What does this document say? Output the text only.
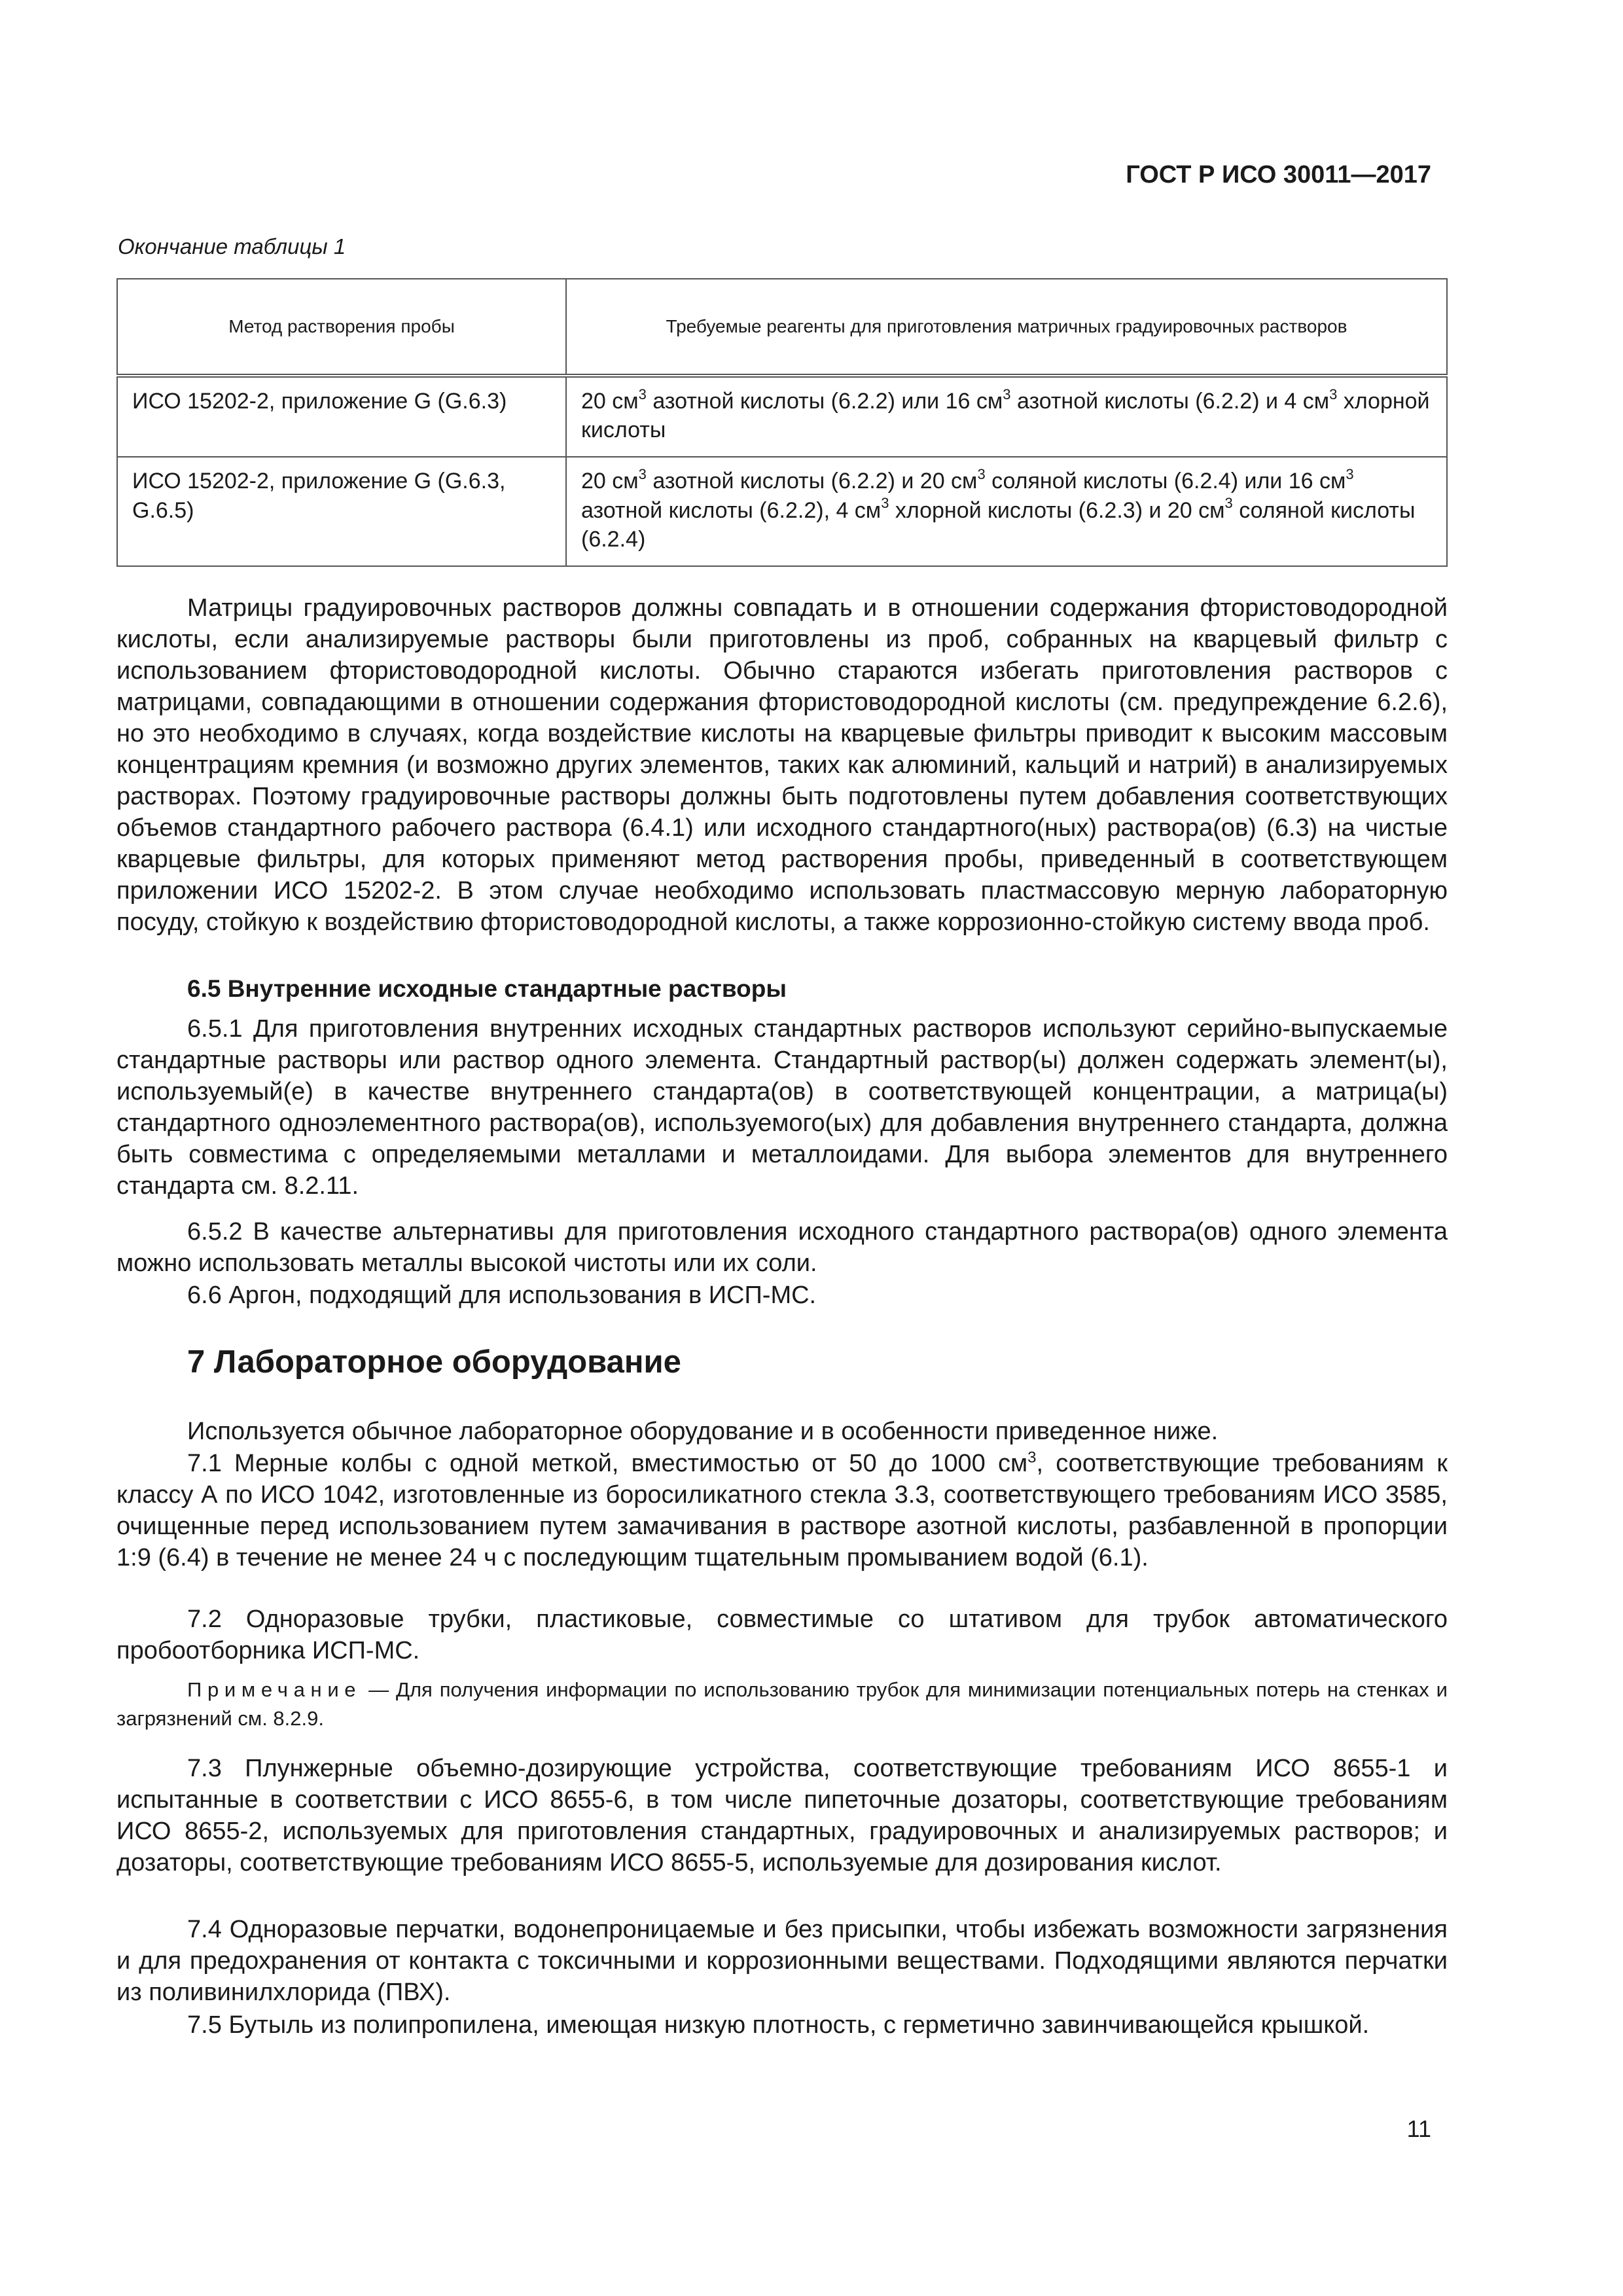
ГОСТ Р ИСО 30011—2017
Окончание таблицы 1
Метод растворения пробы	Требуемые реагенты для приготовления матричных градуировочных растворов
ИСО 15202-2, приложение G (G.6.3)	20 $см^3$ азотной кислоты (6.2.2) или 16 $см^3$ азотной кислоты (6.2.2) и 4 $см^3$ хлорной кислоты
ИСО 15202-2, приложение G (G.6.3, G.6.5)	20 $см^3$ азотной кислоты (6.2.2) и 20 $см^3$ соляной кислоты (6.2.4) или 16 $см^3$ азотной кислоты (6.2.2), 4 $см^3$ хлорной кислоты (6.2.3) и 20 $см^3$ соляной кислоты (6.2.4)

Матрицы градуировочных растворов должны совпадать и в отношении содержания фтористоводородной кислоты, если анализируемые растворы были приготовлены из проб, собранных на кварцевый фильтр с использованием фтористоводородной кислоты. Обычно стараются избегать приготовления растворов с матрицами, совпадающими в отношении содержания фтористоводородной кислоты (см. предупреждение 6.2.6), но это необходимо в случаях, когда воздействие кислоты на кварцевые фильтры приводит к высоким массовым концентрациям кремния (и возможно других элементов, таких как алюминий, кальций и натрий) в анализируемых растворах. Поэтому градуировочные растворы должны быть подготовлены путем добавления соответствующих объемов стандартного рабочего раствора (6.4.1) или исходного стандартного(ных) раствора(ов) (6.3) на чистые кварцевые фильтры, для которых применяют метод растворения пробы, приведенный в соответствующем приложении ИСО 15202-2. В этом случае необходимо использовать пластмассовую мерную лабораторную посуду, стойкую к воздействию фтористоводородной кислоты, а также коррозионно-стойкую систему ввода проб.

6.5 Внутренние исходные стандартные растворы

6.5.1 Для приготовления внутренних исходных стандартных растворов используют серийно-выпускаемые стандартные растворы или раствор одного элемента. Стандартный раствор(ы) должен содержать элемент(ы), используемый(е) в качестве внутреннего стандарта(ов) в соответствующей концентрации, а матрица(ы) стандартного одноэлементного раствора(ов), используемого(ых) для добавления внутреннего стандарта, должна быть совместима с определяемыми металлами и металлоидами. Для выбора элементов для внутреннего стандарта см. 8.2.11.

6.5.2 В качестве альтернативы для приготовления исходного стандартного раствора(ов) одного элемента можно использовать металлы высокой чистоты или их соли.

6.6 Аргон, подходящий для использования в ИСП-МС.

7 Лабораторное оборудование

Используется обычное лабораторное оборудование и в особенности приведенное ниже.

7.1 Мерные колбы с одной меткой, вместимостью от 50 до 1000 $см^3$, соответствующие требованиям к классу А по ИСО 1042, изготовленные из боросиликатного стекла 3.3, соответствующего требованиям ИСО 3585, очищенные перед использованием путем замачивания в растворе азотной кислоты, разбавленной в пропорции 1:9 (6.4) в течение не менее 24 ч с последующим тщательным промыванием водой (6.1).

7.2 Одноразовые трубки, пластиковые, совместимые со штативом для трубок автоматического пробоотборника ИСП-МС.

Примечание — Для получения информации по использованию трубок для минимизации потенциальных потерь на стенках и загрязнений см. 8.2.9.

7.3 Плунжерные объемно-дозирующие устройства, соответствующие требованиям ИСО 8655-1 и испытанные в соответствии с ИСО 8655-6, в том числе пипеточные дозаторы, соответствующие требованиям ИСО 8655-2, используемых для приготовления стандартных, градуировочных и анализируемых растворов; и дозаторы, соответствующие требованиям ИСО 8655-5, используемые для дозирования кислот.

7.4 Одноразовые перчатки, водонепроницаемые и без присыпки, чтобы избежать возможности загрязнения и для предохранения от контакта с токсичными и коррозионными веществами. Подходящими являются перчатки из поливинилхлорида (ПВХ).

7.5 Бутыль из полипропилена, имеющая низкую плотность, с герметично завинчивающейся крышкой.

11
